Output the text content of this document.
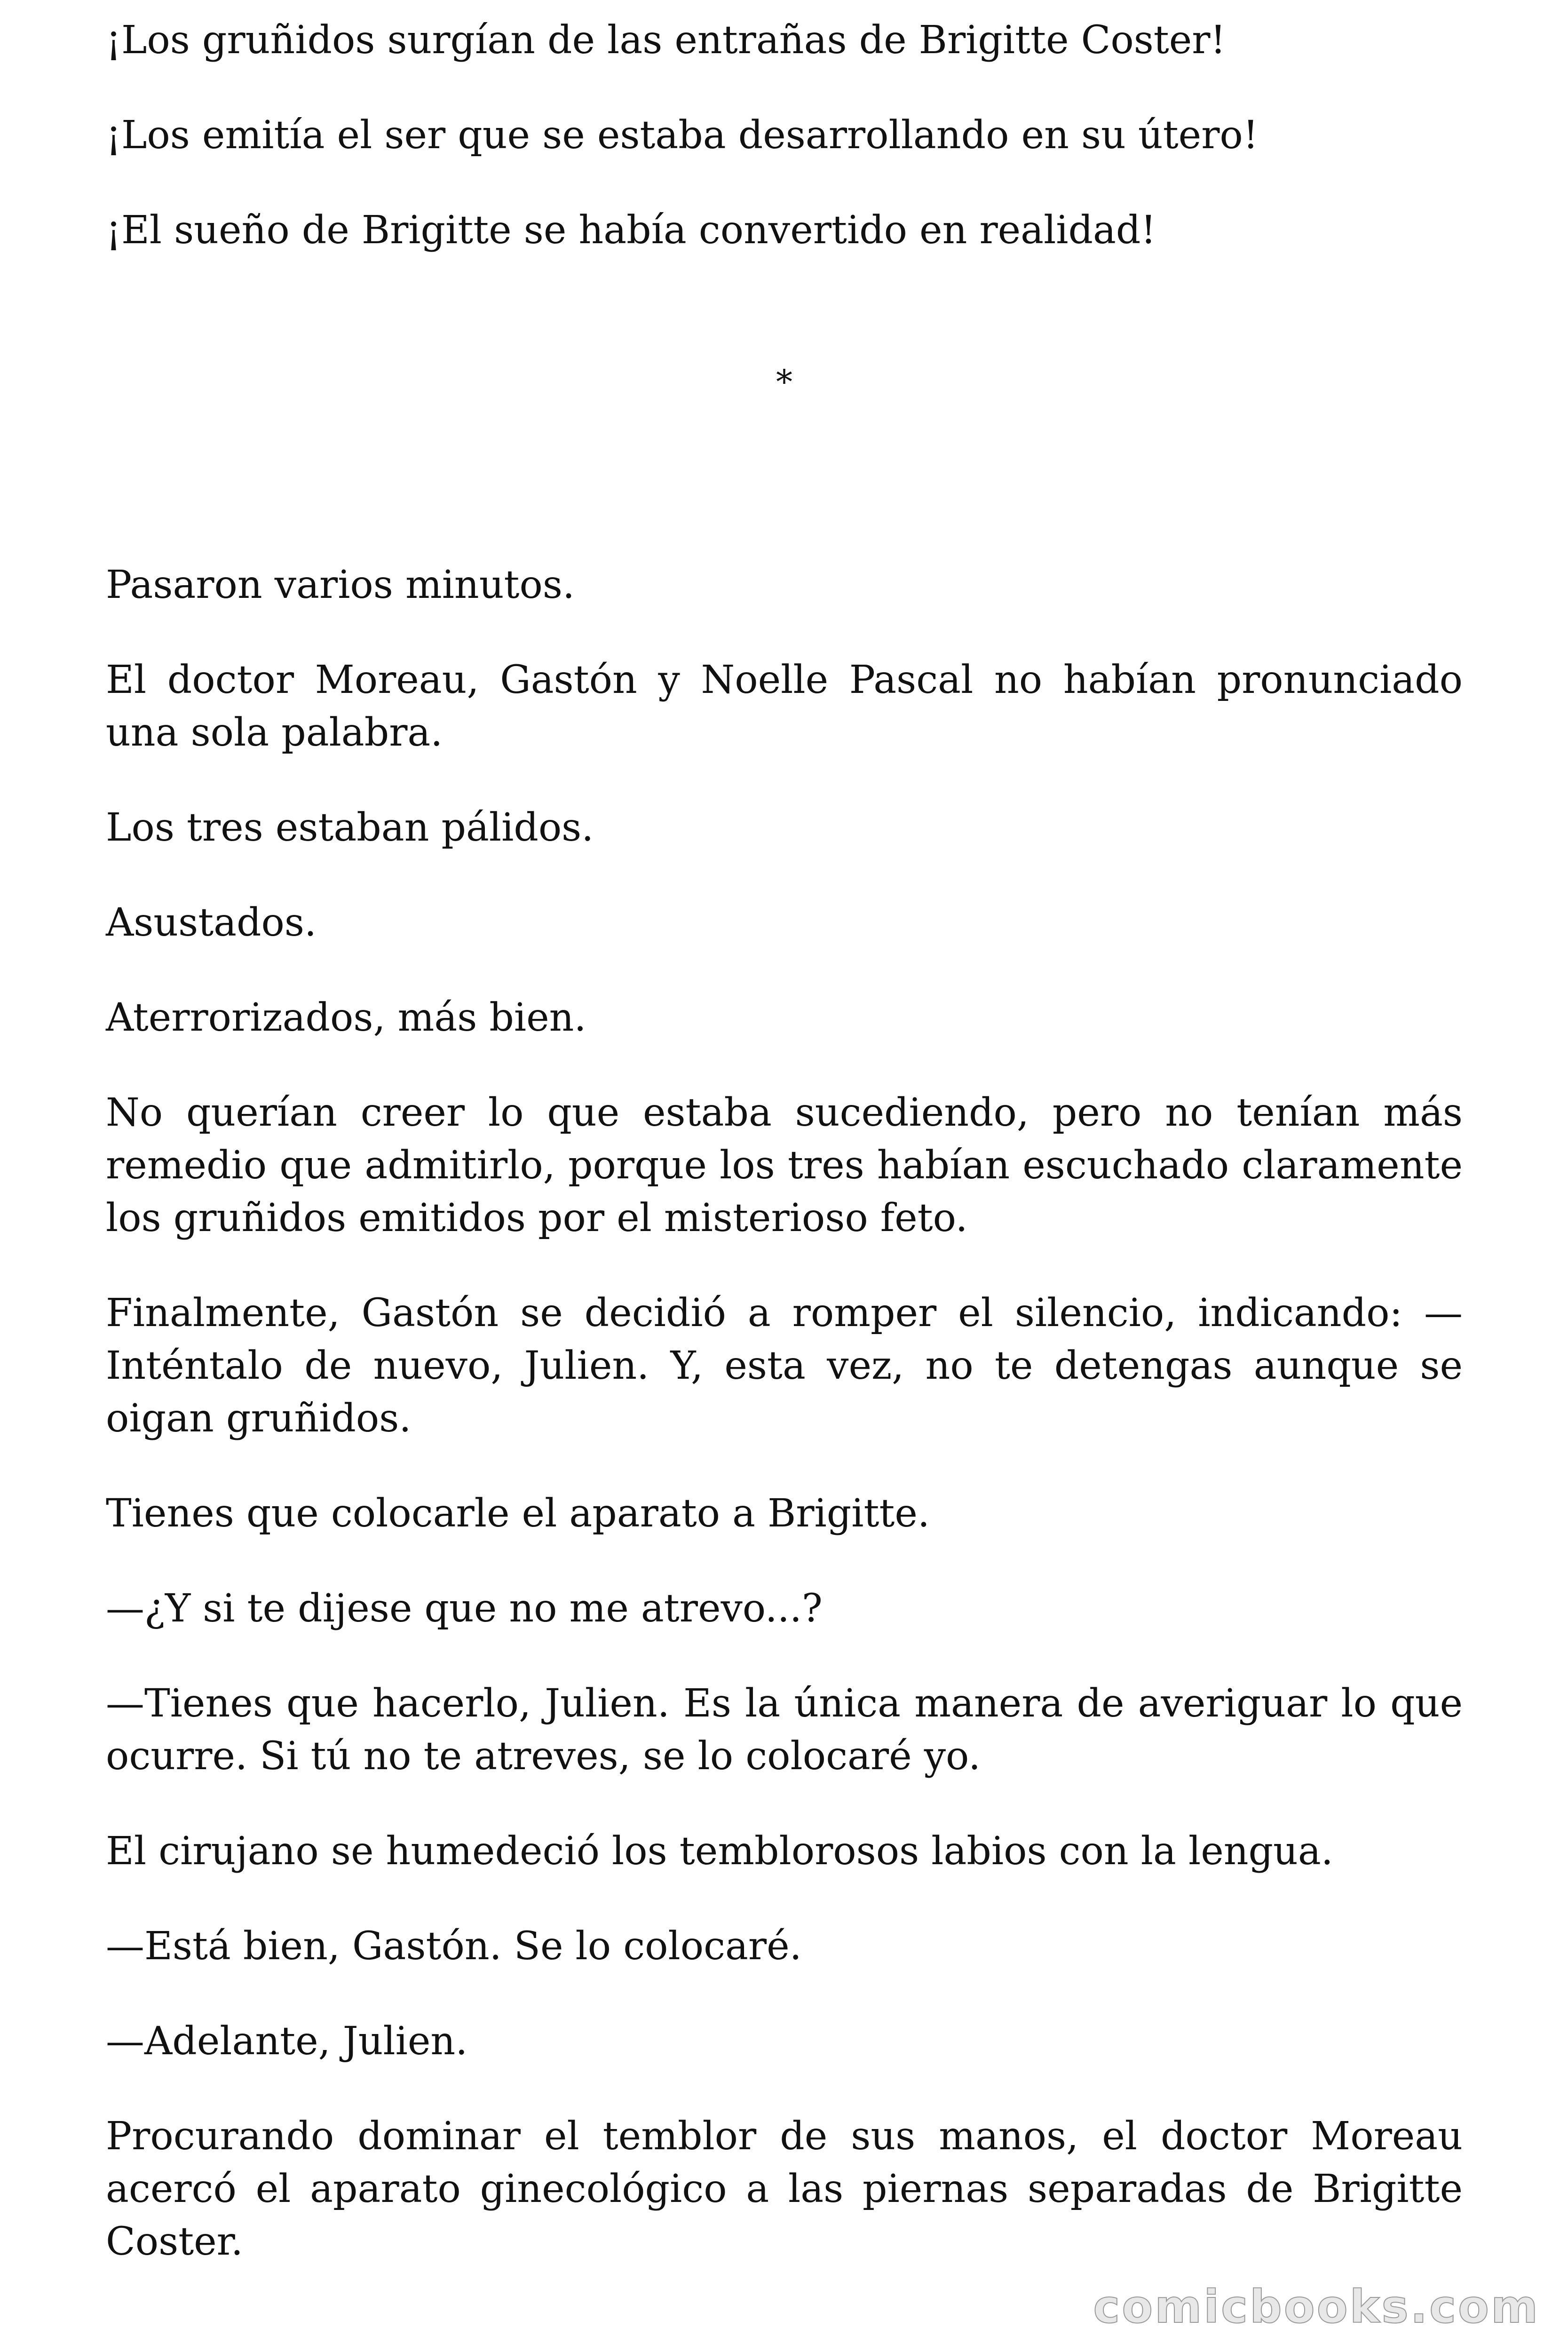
¡Los gruñidos surgían de las entrañas de Brigitte Coster!

¡Los emitía el ser que se estaba desarrollando en su útero!

¡El sueño de Brigitte se había convertido en realidad!

*

Pasaron varios minutos.

El doctor Moreau, Gastón y Noelle Pascal no habían pronunciado una sola palabra.

Los tres estaban pálidos.

Asustados.

Aterrorizados, más bien.

No querían creer lo que estaba sucediendo, pero no tenían más remedio que admitirlo, porque los tres habían escuchado claramente los gruñidos emitidos por el misterioso feto.

Finalmente, Gastón se decidió a romper el silencio, indicando: —Inténtalo de nuevo, Julien. Y, esta vez, no te detengas aunque se oigan gruñidos.

Tienes que colocarle el aparato a Brigitte.

—¿Y si te dijese que no me atrevo...?

—Tienes que hacerlo, Julien. Es la única manera de averiguar lo que ocurre. Si tú no te atreves, se lo colocaré yo.

El cirujano se humedeció los temblorosos labios con la lengua.

—Está bien, Gastón. Se lo colocaré.

—Adelante, Julien.

Procurando dominar el temblor de sus manos, el doctor Moreau acercó el aparato ginecológico a las piernas separadas de Brigitte Coster.

comicbooks.com
